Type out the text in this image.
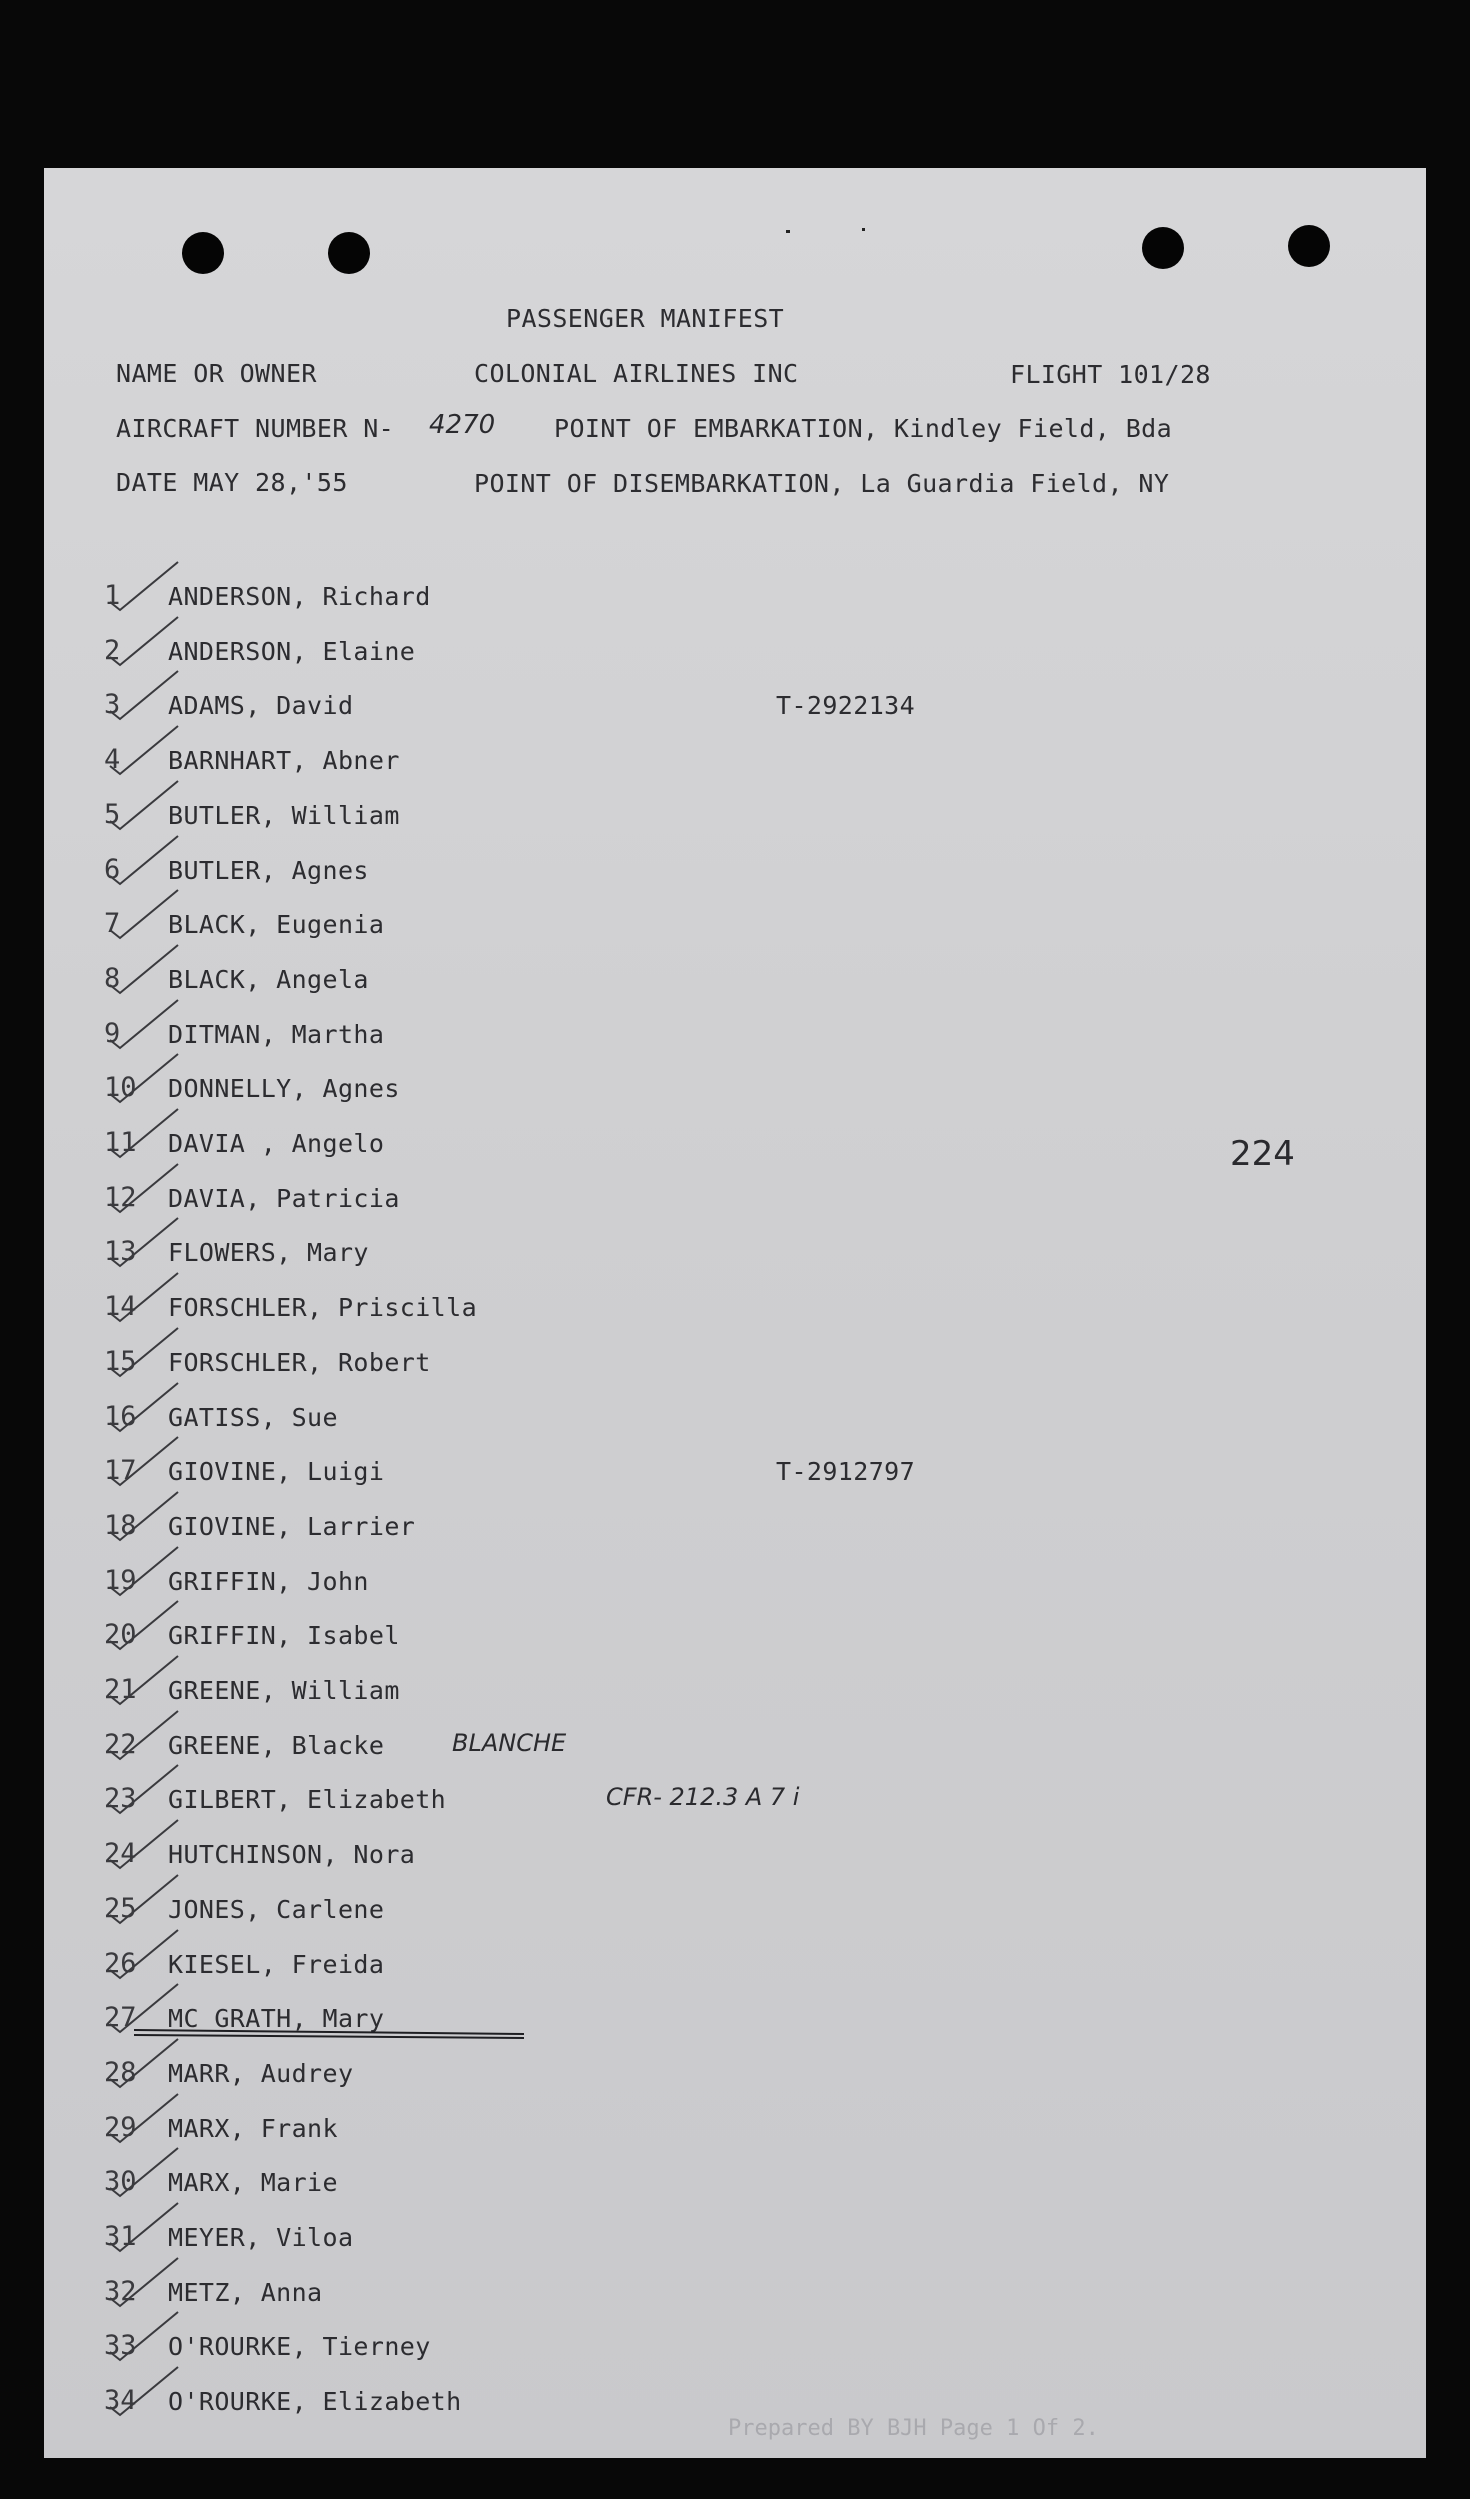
PASSENGER MANIFEST
NAME OR OWNER	COLONIAL AIRLINES INC	FLIGHT 101/28
AIRCRAFT NUMBER N- 4270 POINT OF EMBARKATION, Kindley Field, Bda
DATE MAY 28,'55	POINT OF DISEMBARKATION, La Guardia Field, NY
224
1 ANDERSON, Richard
2 ANDERSON, Elaine
3 ADAMS, David	T-2922134
4 BARNHART, Abner
5 BUTLER, William
6 BUTLER, Agnes
7 BLACK, Eugenia
8 BLACK, Angela
9 DITMAN, Martha
10 DONNELLY, Agnes
11 DAVIA , Angelo
12 DAVIA, Patricia
13 FLOWERS, Mary
14 FORSCHLER, Priscilla
15 FORSCHLER, Robert
16 GATISS, Sue
17 GIOVINE, Luigi	T-2912797
18 GIOVINE, Larrier
19 GRIFFIN, John
20 GRIFFIN, Isabel
21 GREENE, William
22 GREENE, Blacke	BLANCHE
23 GILBERT, Elizabeth	CFR- 212.3 A 7 i
24 HUTCHINSON, Nora
25 JONES, Carlene
26 KIESEL, Freida
27 MC GRATH, Mary
28 MARR, Audrey
29 MARX, Frank
30 MARX, Marie
31 MEYER, Viloa
32 METZ, Anna
33 O'ROURKE, Tierney
34 O'ROURKE, Elizabeth
Prepared BY BJH Page 1 Of 2.
